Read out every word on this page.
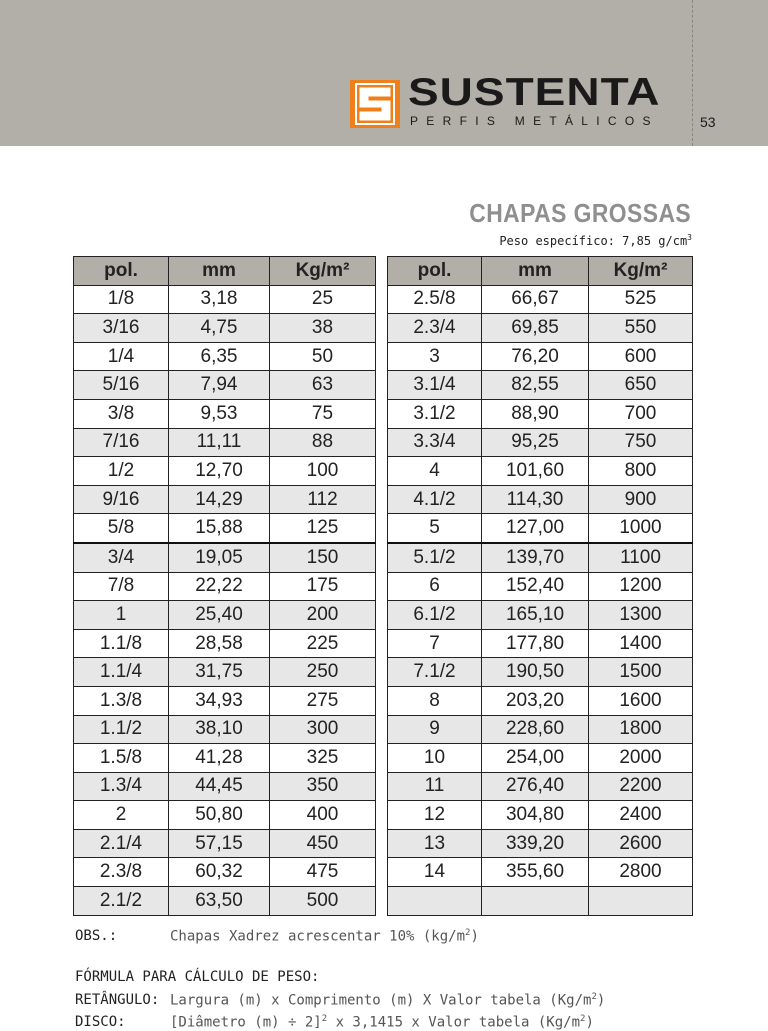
SUSTENTA
PERFIS METÁLICOS	53
CHAPAS GROSSAS
Peso específico: 7,85 $g/cm^3$
pol.	mm	Kg/m²
1/8	3,18	25
3/16	4,75	38
1/4	6,35	50
5/16	7,94	63
3/8	9,53	75
7/16	11,11	88
1/2	12,70	100
9/16	14,29	112
5/8	15,88	125
3/4	19,05	150
7/8	22,22	175
1	25,40	200
1.1/8	28,58	225
1.1/4	31,75	250
1.3/8	34,93	275
1.1/2	38,10	300
1.5/8	41,28	325
1.3/4	44,45	350
2	50,80	400
2.1/4	57,15	450
2.3/8	60,32	475
2.1/2	63,50	500
pol.	mm	Kg/m²
2.5/8	66,67	525
2.3/4	69,85	550
3	76,20	600
3.1/4	82,55	650
3.1/2	88,90	700
3.3/4	95,25	750
4	101,60	800
4.1/2	114,30	900
5	127,00	1000
5.1/2	139,70	1100
6	152,40	1200
6.1/2	165,10	1300
7	177,80	1400
7.1/2	190,50	1500
8	203,20	1600
9	228,60	1800
10	254,00	2000
11	276,40	2200
12	304,80	2400
13	339,20	2600
14	355,60	2800

OBS.:	Chapas Xadrez acrescentar 10% $(kg/m^2)$
FÓRMULA PARA CÁLCULO DE PESO:
RETÂNGULO: Largura (m) x Comprimento (m) X Valor tabela $(Kg/m^2)$
DISCO:	[Diâmetro (m) ÷ 2]$^2$ x 3,1415 x Valor tabela $(Kg/m^2)$
